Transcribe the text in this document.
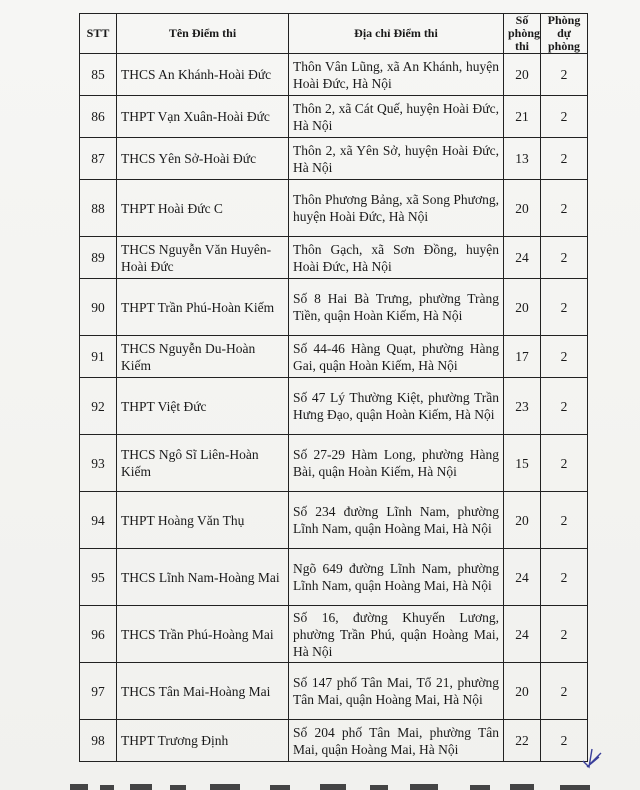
STT	Tên Điểm thi	Địa chỉ Điểm thi	Số phòng thi	Phòng dự phòng
85	THCS An Khánh-Hoài Đức	Thôn Vân Lũng, xã An Khánh, huyện Hoài Đức, Hà Nội	20	2
86	THPT Vạn Xuân-Hoài Đức	Thôn 2, xã Cát Quế, huyện Hoài Đức, Hà Nội	21	2
87	THCS Yên Sở-Hoài Đức	Thôn 2, xã Yên Sở, huyện Hoài Đức, Hà Nội	13	2
88	THPT Hoài Đức C	Thôn Phương Bảng, xã Song Phương, huyện Hoài Đức, Hà Nội	20	2
89	THCS Nguyễn Văn Huyên-Hoài Đức	Thôn Gạch, xã Sơn Đồng, huyện Hoài Đức, Hà Nội	24	2
90	THPT Trần Phú-Hoàn Kiếm	Số 8 Hai Bà Trưng, phường Tràng Tiền, quận Hoàn Kiếm, Hà Nội	20	2
91	THCS Nguyễn Du-Hoàn Kiếm	Số 44-46 Hàng Quạt, phường Hàng Gai, quận Hoàn Kiếm, Hà Nội	17	2
92	THPT Việt Đức	Số 47 Lý Thường Kiệt, phường Trần Hưng Đạo, quận Hoàn Kiếm, Hà Nội	23	2
93	THCS Ngô Sĩ Liên-Hoàn Kiếm	Số 27-29 Hàm Long, phường Hàng Bài, quận Hoàn Kiếm, Hà Nội	15	2
94	THPT Hoàng Văn Thụ	Số 234 đường Lĩnh Nam, phường Lĩnh Nam, quận Hoàng Mai, Hà Nội	20	2
95	THCS Lĩnh Nam-Hoàng Mai	Ngõ 649 đường Lĩnh Nam, phường Lĩnh Nam, quận Hoàng Mai, Hà Nội	24	2
96	THCS Trần Phú-Hoàng Mai	Số 16, đường Khuyến Lương, phường Trần Phú, quận Hoàng Mai, Hà Nội	24	2
97	THCS Tân Mai-Hoàng Mai	Số 147 phố Tân Mai, Tổ 21, phường Tân Mai, quận Hoàng Mai, Hà Nội	20	2
98	THPT Trương Định	Số 204 phố Tân Mai, phường Tân Mai, quận Hoàng Mai, Hà Nội	22	2
